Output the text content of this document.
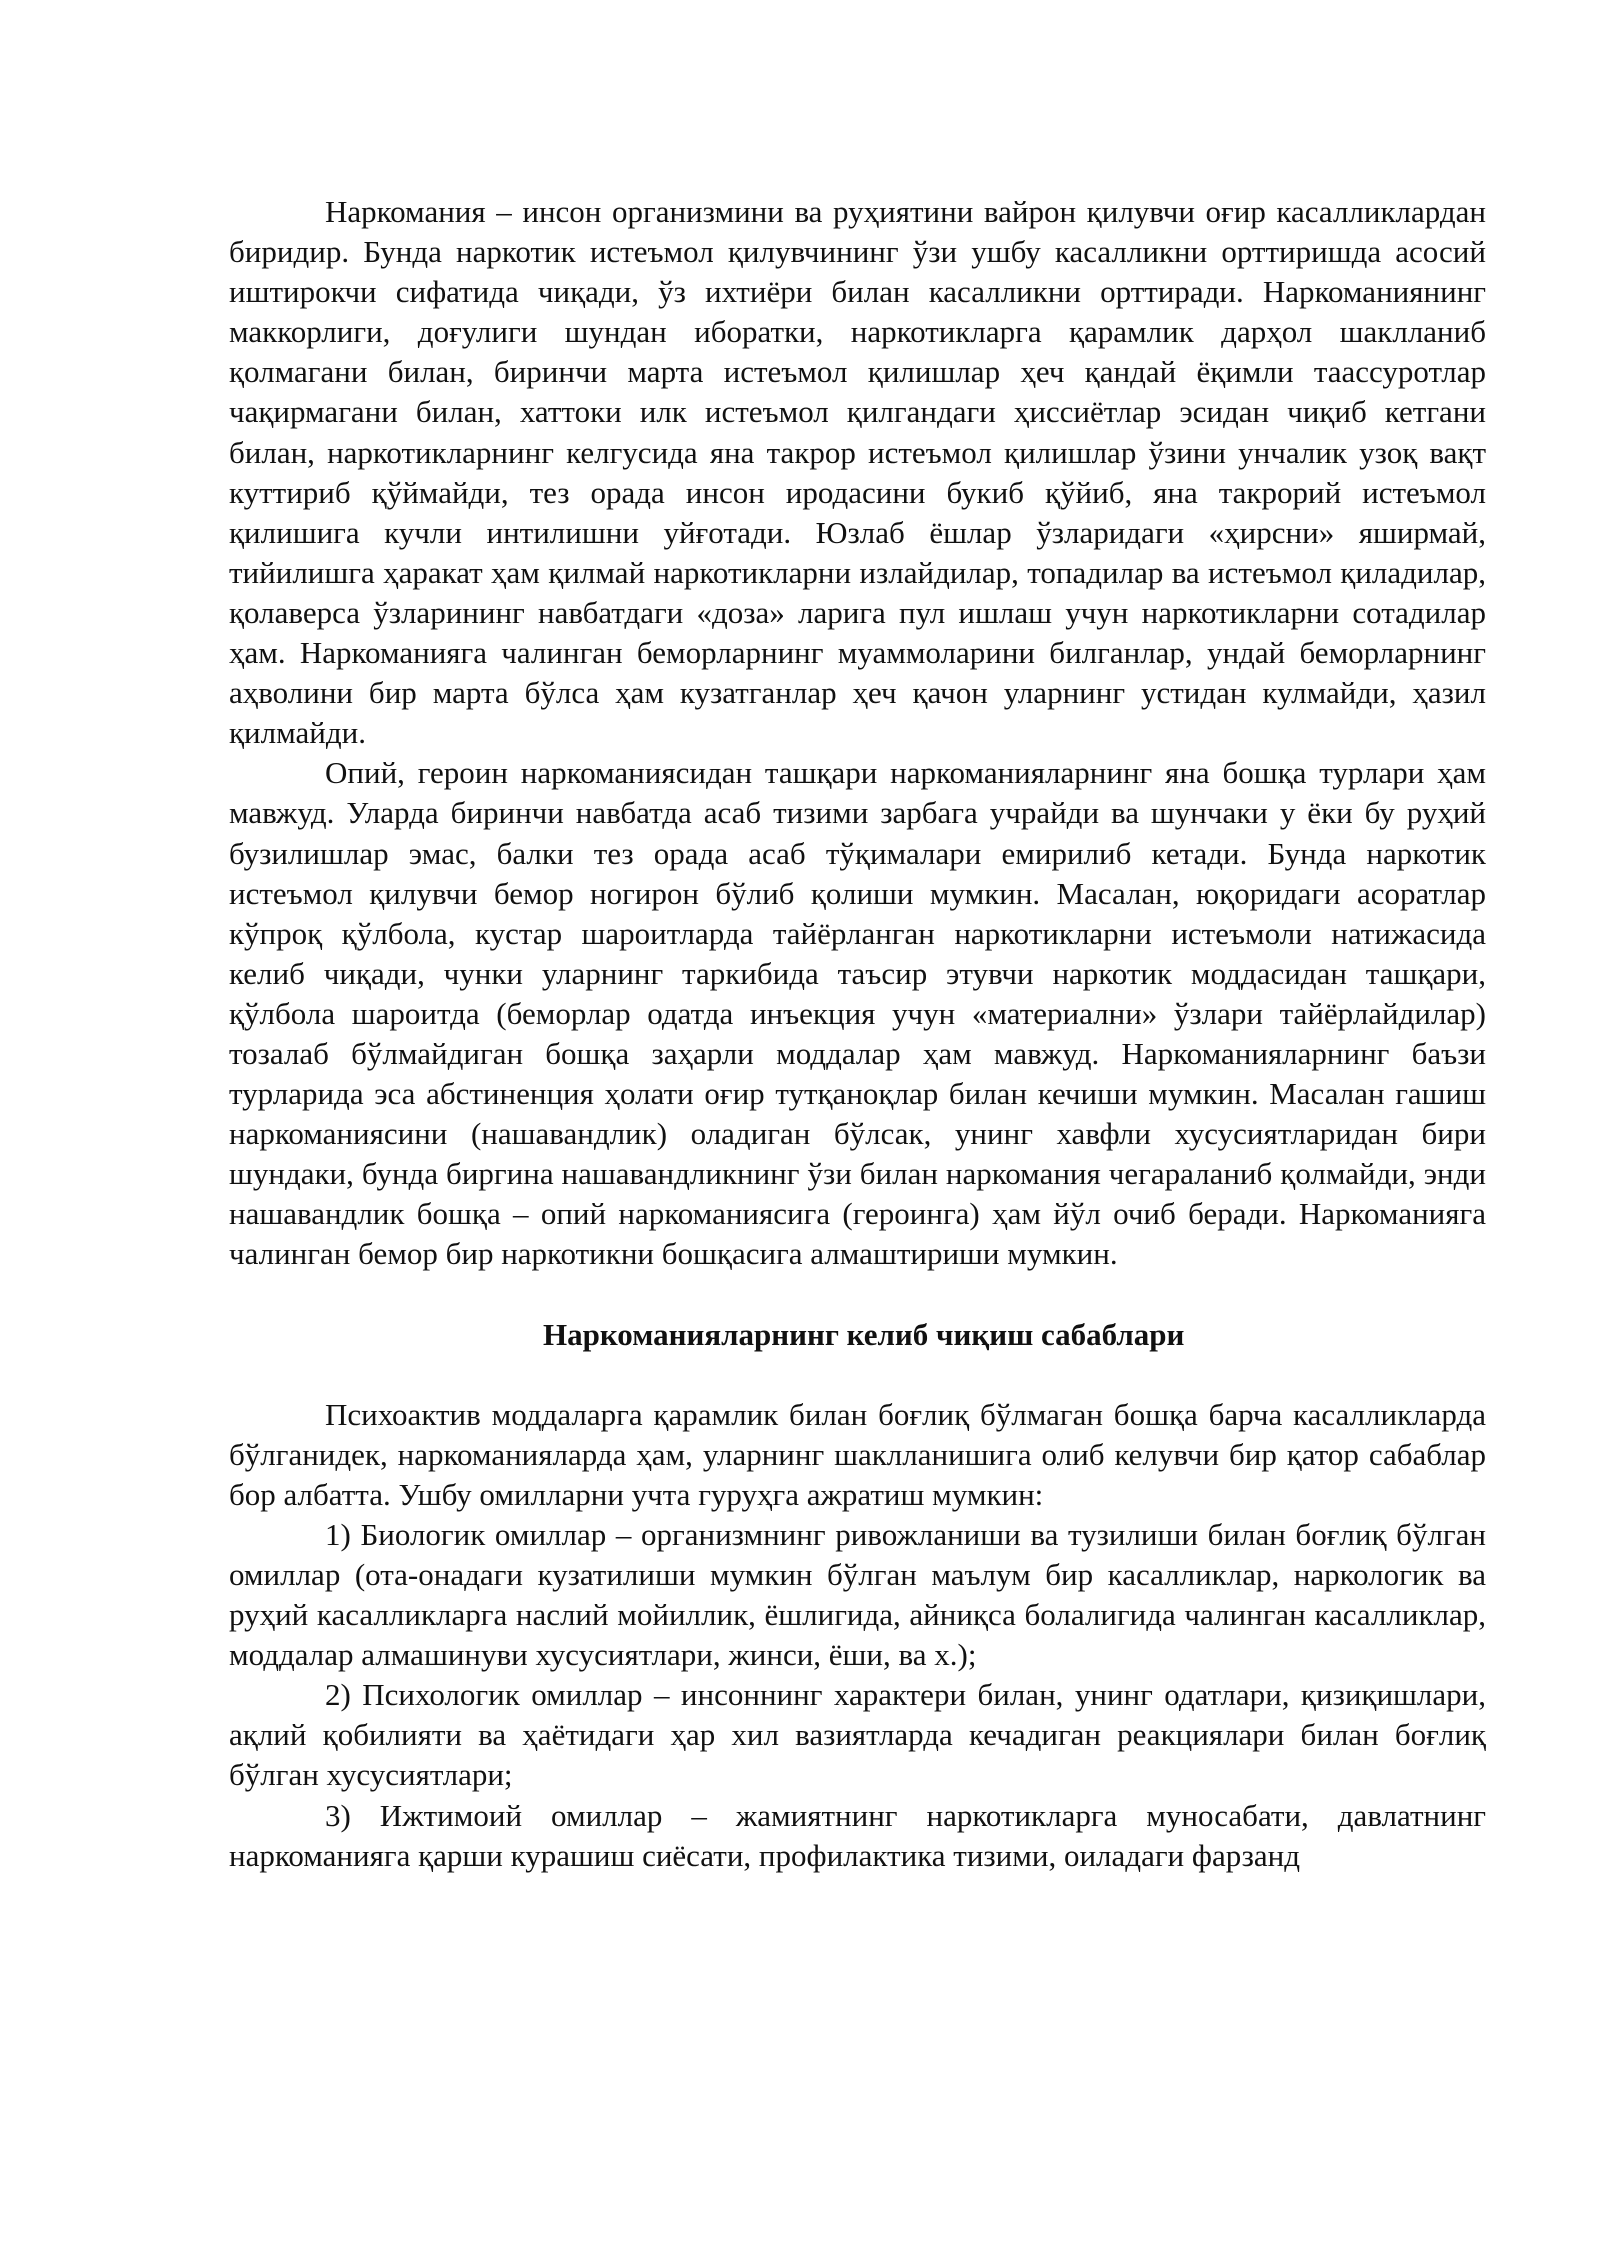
Наркомания – инсон организмини ва руҳиятини вайрон қилувчи оғир касалликлардан биридир. Бунда наркотик истеъмол қилувчининг ўзи ушбу касалликни орттиришда асосий иштирокчи сифатида чиқади, ўз ихтиёри билан касалликни орттиради. Наркоманиянинг маккорлиги, доғулиги шундан иборатки, наркотикларга қарамлик дарҳол шаклланиб қолмагани билан, биринчи марта истеъмол қилишлар ҳеч қандай ёқимли таассуротлар чақирмагани билан, хаттоки илк истеъмол қилгандаги ҳиссиётлар эсидан чиқиб кетгани билан, наркотикларнинг келгусида яна такрор истеъмол қилишлар ўзини унчалик узоқ вақт куттириб қўймайди, тез орада инсон иродасини букиб қўйиб, яна такрорий истеъмол қилишига кучли интилишни уйғотади. Юзлаб ёшлар ўзларидаги «ҳирсни» яширмай, тийилишга ҳаракат ҳам қилмай наркотикларни излайдилар, топадилар ва истеъмол қиладилар, қолаверса ўзларининг навбатдаги «доза» ларига пул ишлаш учун наркотикларни сотадилар ҳам. Наркоманияга чалинган беморларнинг муаммоларини билганлар, ундай беморларнинг аҳволини бир марта бўлса ҳам кузатганлар ҳеч қачон уларнинг устидан кулмайди, ҳазил қилмайди.

Опий, героин наркоманиясидан ташқари наркоманияларнинг яна бошқа турлари ҳам мавжуд. Уларда биринчи навбатда асаб тизими зарбага учрайди ва шунчаки у ёки бу руҳий бузилишлар эмас, балки тез орада асаб тўқималари емирилиб кетади. Бунда наркотик истеъмол қилувчи бемор ногирон бўлиб қолиши мумкин. Масалан, юқоридаги асоратлар кўпроқ қўлбола, кустар шароитларда тайёрланган наркотикларни истеъмоли натижасида келиб чиқади, чунки уларнинг таркибида таъсир этувчи наркотик моддасидан ташқари, қўлбола шароитда (беморлар одатда инъекция учун «материални» ўзлари тайёрлайдилар) тозалаб бўлмайдиган бошқа заҳарли моддалар ҳам мавжуд. Наркоманияларнинг баъзи турларида эса абстиненция ҳолати оғир тутқаноқлар билан кечиши мумкин. Масалан гашиш наркоманиясини (нашавандлик) оладиган бўлсак, унинг хавфли хусусиятларидан бири шундаки, бунда биргина нашавандликнинг ўзи билан наркомания чегараланиб қолмайди, энди нашавандлик бошқа – опий наркоманиясига (героинга) ҳам йўл очиб беради. Наркоманияга чалинган бемор бир наркотикни бошқасига алмаштириши мумкин.

Наркоманияларнинг келиб чиқиш сабаблари

Психоактив моддаларга қарамлик билан боғлиқ бўлмаган бошқа барча касалликларда бўлганидек, наркоманияларда ҳам, уларнинг шаклланишига олиб келувчи бир қатор сабаблар бор албатта. Ушбу омилларни учта гуруҳга ажратиш мумкин:

1) Биологик омиллар – организмнинг ривожланиши ва тузилиши билан боғлиқ бўлган омиллар (ота-онадаги кузатилиши мумкин бўлган маълум бир касалликлар, наркологик ва руҳий касалликларга наслий мойиллик, ёшлигида, айниқса болалигида чалинган касалликлар, моддалар алмашинуви хусусиятлари, жинси, ёши, ва х.);

2) Психологик омиллар – инсоннинг характери билан, унинг одатлари, қизиқишлари, ақлий қобилияти ва ҳаётидаги ҳар хил вазиятларда кечадиган реакциялари билан боғлиқ бўлган хусусиятлари;

3) Ижтимоий омиллар – жамиятнинг наркотикларга муносабати, давлатнинг наркоманияга қарши курашиш сиёсати, профилактика тизими, оиладаги фарзанд
